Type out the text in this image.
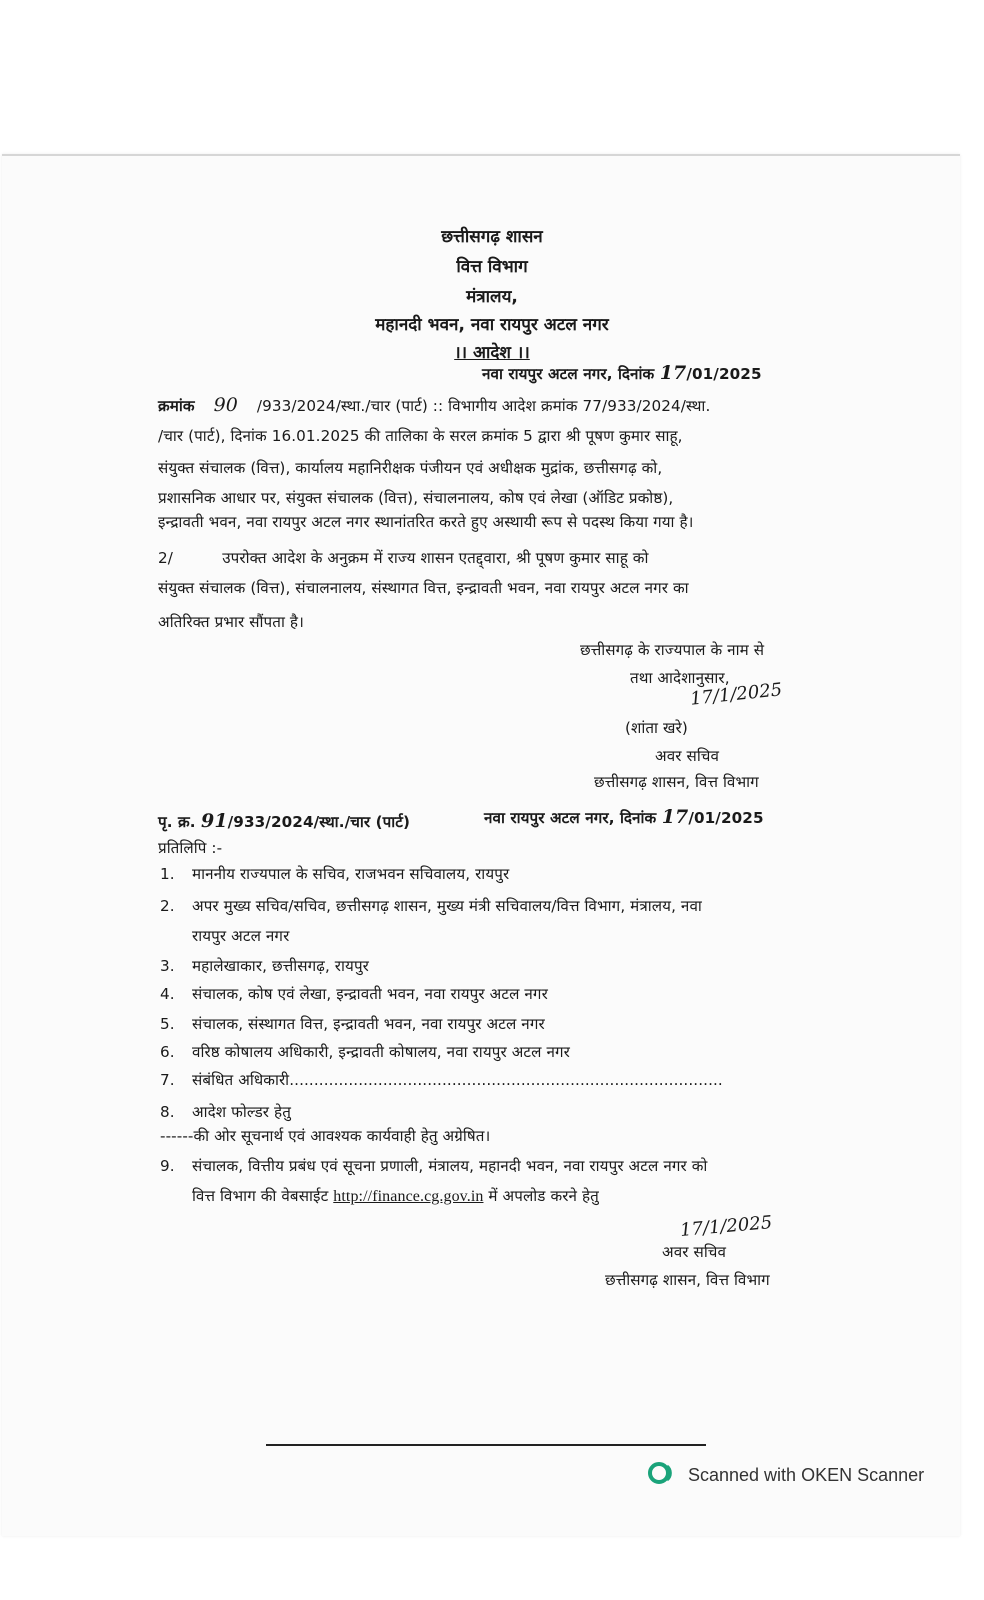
छत्तीसगढ़ शासन
वित्त विभाग
मंत्रालय,
महानदी भवन, नवा रायपुर अटल नगर
।। आदेश ।।
नवा रायपुर अटल नगर, दिनांक 17/01/2025
क्रमांक 90 /933/2024/स्था./चार (पार्ट) :: विभागीय आदेश क्रमांक 77/933/2024/स्था.
/चार (पार्ट), दिनांक 16.01.2025 की तालिका के सरल क्रमांक 5 द्वारा श्री पूषण कुमार साहू,
संयुक्त संचालक (वित्त), कार्यालय महानिरीक्षक पंजीयन एवं अधीक्षक मुद्रांक, छत्तीसगढ़ को,
प्रशासनिक आधार पर, संयुक्त संचालक (वित्त), संचालनालय, कोष एवं लेखा (ऑडिट प्रकोष्ठ),
इन्द्रावती भवन, नवा रायपुर अटल नगर स्थानांतरित करते हुए अस्थायी रूप से पदस्थ किया गया है।
2/          उपरोक्त आदेश के अनुक्रम में राज्य शासन एतद्द्वारा, श्री पूषण कुमार साहू को
संयुक्त संचालक (वित्त), संचालनालय, संस्थागत वित्त, इन्द्रावती भवन, नवा रायपुर अटल नगर का
अतिरिक्त प्रभार सौंपता है।
छत्तीसगढ़ के राज्यपाल के नाम से
तथा आदेशानुसार,
17/1/2025
(शांता खरे)
अवर सचिव
छत्तीसगढ़ शासन, वित्त विभाग
पृ. क्र. 91/933/2024/स्था./चार (पार्ट)	नवा रायपुर अटल नगर, दिनांक 17/01/2025
प्रतिलिपि :-
1. माननीय राज्यपाल के सचिव, राजभवन सचिवालय, रायपुर
2. अपर मुख्य सचिव/सचिव, छत्तीसगढ़ शासन, मुख्य मंत्री सचिवालय/वित्त विभाग, मंत्रालय, नवा
रायपुर अटल नगर
3. महालेखाकार, छत्तीसगढ़, रायपुर
4. संचालक, कोष एवं लेखा, इन्द्रावती भवन, नवा रायपुर अटल नगर
5. संचालक, संस्थागत वित्त, इन्द्रावती भवन, नवा रायपुर अटल नगर
6. वरिष्ठ कोषालय अधिकारी, इन्द्रावती कोषालय, नवा रायपुर अटल नगर
7. संबंधित अधिकारी........................................................................................
8. आदेश फोल्डर हेतु
------की ओर सूचनार्थ एवं आवश्यक कार्यवाही हेतु अग्रेषित।
9. संचालक, वित्तीय प्रबंध एवं सूचना प्रणाली, मंत्रालय, महानदी भवन, नवा रायपुर अटल नगर को
वित्त विभाग की वेबसाईट http://finance.cg.gov.in में अपलोड करने हेतु
17/1/2025
अवर सचिव
छत्तीसगढ़ शासन, वित्त विभाग
Scanned with OKEN Scanner
